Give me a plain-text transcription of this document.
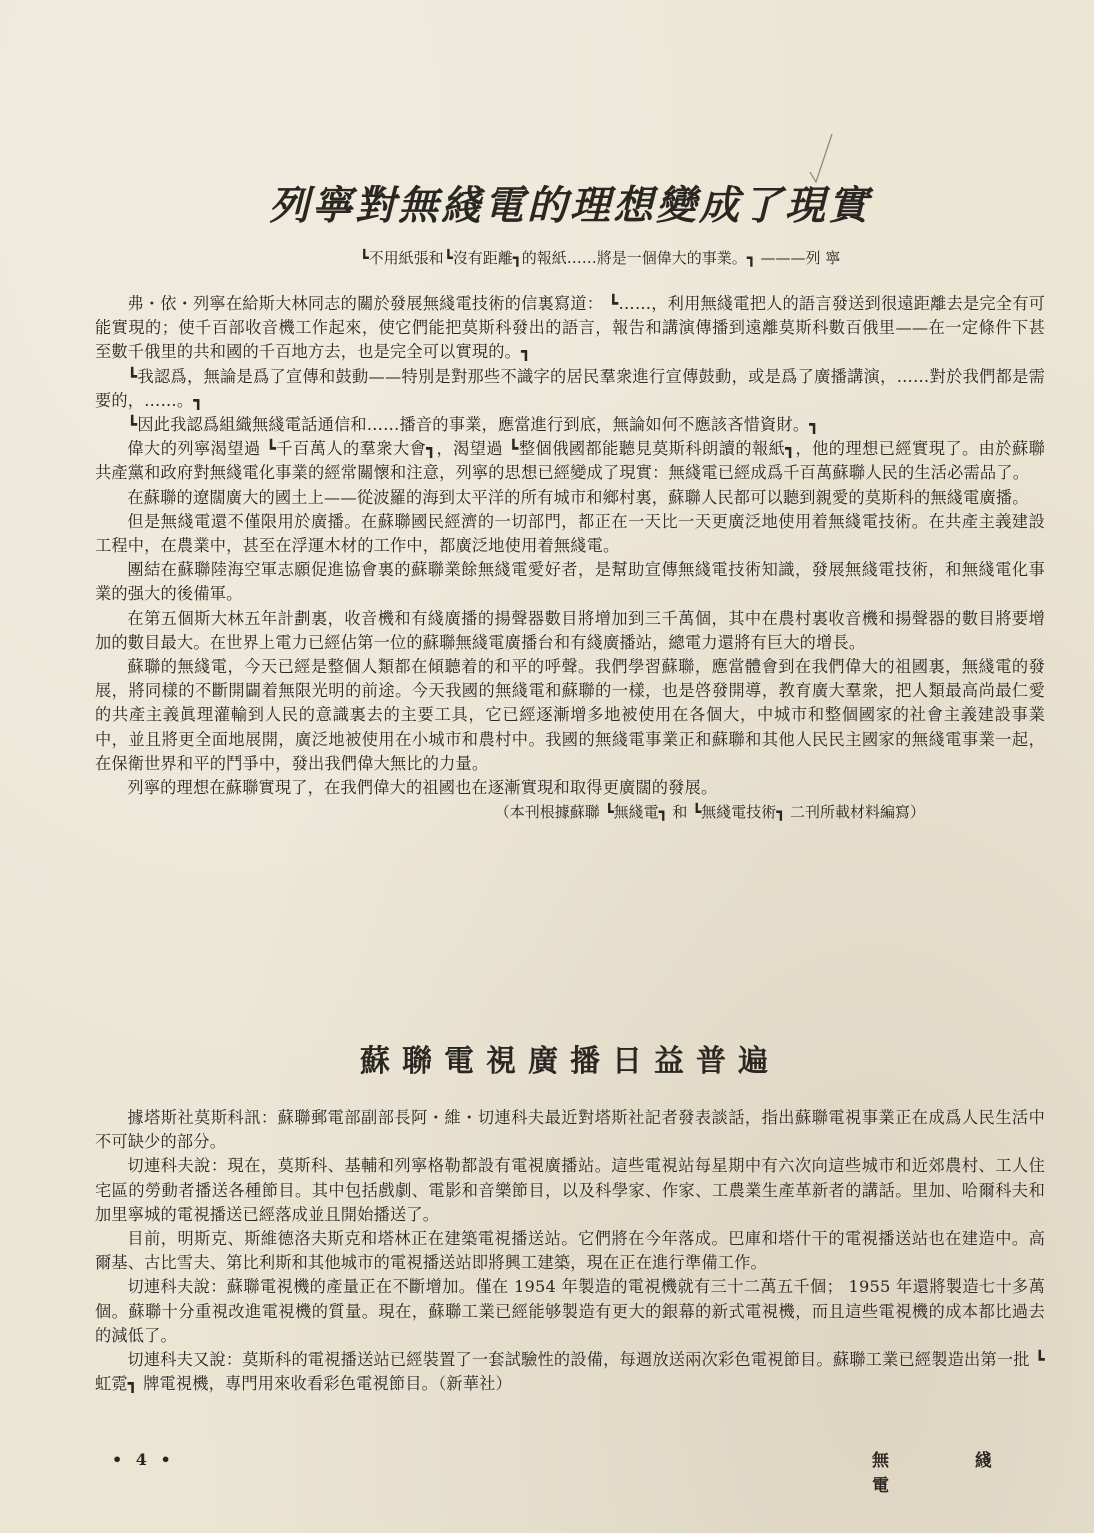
列寧對無綫電的理想變成了現實

┗不用紙張和┗沒有距離┓的報紙……將是一個偉大的事業。┓ ———列 寧

弗・依・列寧在給斯大林同志的關於發展無綫電技術的信裏寫道： ┗……，利用無綫電把人的語言發送到很遠距離去是完全有可能實現的；使千百部收音機工作起來，使它們能把莫斯科發出的語言，報告和講演傳播到遠離莫斯科數百俄里——在一定條件下甚至數千俄里的共和國的千百地方去，也是完全可以實現的。┓

┗我認爲，無論是爲了宣傳和鼓動——特別是對那些不識字的居民羣衆進行宣傳鼓動，或是爲了廣播講演，……對於我們都是需要的，……。┓

┗因此我認爲組織無綫電話通信和……播音的事業，應當進行到底，無論如何不應該吝惜資財。┓

偉大的列寧渴望過 ┗千百萬人的羣衆大會┓，渴望過 ┗整個俄國都能聽見莫斯科朗讀的報紙┓，他的理想已經實現了。由於蘇聯共產黨和政府對無綫電化事業的經常關懷和注意，列寧的思想已經變成了現實：無綫電已經成爲千百萬蘇聯人民的生活必需品了。

在蘇聯的遼闊廣大的國土上——從波羅的海到太平洋的所有城市和鄉村裏，蘇聯人民都可以聽到親愛的莫斯科的無綫電廣播。

但是無綫電還不僅限用於廣播。在蘇聯國民經濟的一切部門，都正在一天比一天更廣泛地使用着無綫電技術。在共產主義建設工程中，在農業中，甚至在浮運木材的工作中，都廣泛地使用着無綫電。

團結在蘇聯陸海空軍志願促進協會裏的蘇聯業餘無綫電愛好者，是幫助宣傳無綫電技術知識，發展無綫電技術，和無綫電化事業的强大的後備軍。

在第五個斯大林五年計劃裏，收音機和有綫廣播的揚聲器數目將增加到三千萬個，其中在農村裏收音機和揚聲器的數目將要增加的數目最大。在世界上電力已經佔第一位的蘇聯無綫電廣播台和有綫廣播站，總電力還將有巨大的增長。

蘇聯的無綫電，今天已經是整個人類都在傾聽着的和平的呼聲。我們學習蘇聯，應當體會到在我們偉大的祖國裏，無綫電的發展，將同樣的不斷開闢着無限光明的前途。今天我國的無綫電和蘇聯的一樣，也是啓發開導，教育廣大羣衆，把人類最高尚最仁愛的共產主義眞理灌輸到人民的意識裏去的主要工具，它已經逐漸增多地被使用在各個大，中城市和整個國家的社會主義建設事業中，並且將更全面地展開，廣泛地被使用在小城市和農村中。我國的無綫電事業正和蘇聯和其他人民民主國家的無綫電事業一起，在保衛世界和平的鬥爭中，發出我們偉大無比的力量。

列寧的理想在蘇聯實現了，在我們偉大的祖國也在逐漸實現和取得更廣闊的發展。

（本刊根據蘇聯 ┗無綫電┓ 和 ┗無綫電技術┓ 二刊所載材料編寫）

蘇聯電視廣播日益普遍

據塔斯社莫斯科訊：蘇聯郵電部副部長阿・維・切連科夫最近對塔斯社記者發表談話，指出蘇聯電視事業正在成爲人民生活中不可缺少的部分。

切連科夫說：現在，莫斯科、基輔和列寧格勒都設有電視廣播站。這些電視站每星期中有六次向這些城市和近郊農村、工人住宅區的勞動者播送各種節目。其中包括戲劇、電影和音樂節目，以及科學家、作家、工農業生產革新者的講話。里加、哈爾科夫和加里寧城的電視播送已經落成並且開始播送了。

目前，明斯克、斯維德洛夫斯克和塔林正在建築電視播送站。它們將在今年落成。巴庫和塔什干的電視播送站也在建造中。高爾基、古比雪夫、第比利斯和其他城市的電視播送站即將興工建築，現在正在進行準備工作。

切連科夫說：蘇聯電視機的產量正在不斷增加。僅在 1954 年製造的電視機就有三十二萬五千個； 1955 年還將製造七十多萬個。蘇聯十分重視改進電視機的質量。現在，蘇聯工業已經能够製造有更大的銀幕的新式電視機，而且這些電視機的成本都比過去的減低了。

切連科夫又說：莫斯科的電視播送站已經裝置了一套試驗性的設備，每週放送兩次彩色電視節目。蘇聯工業已經製造出第一批 ┗虹霓┓ 牌電視機，專門用來收看彩色電視節目。（新華社）

• 4 •	無 綫 電
